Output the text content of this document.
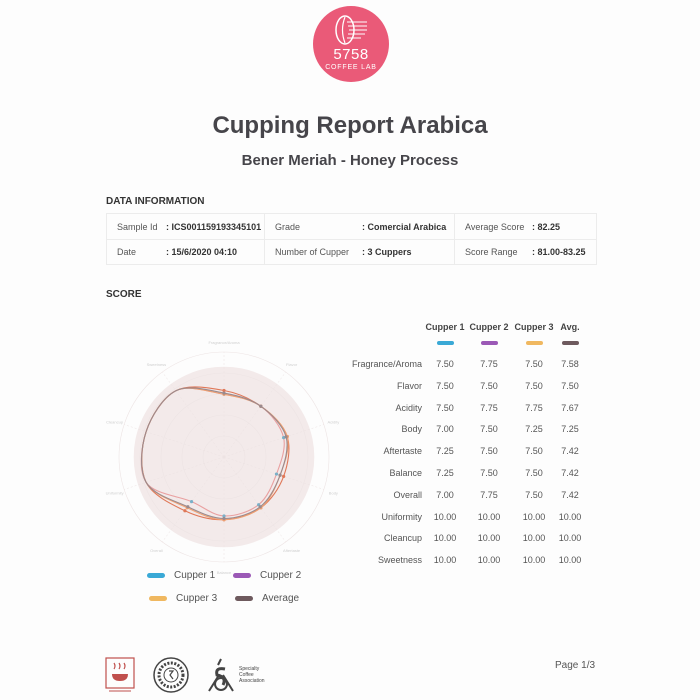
5758
COFFEE LAB
Cupping Report Arabica
Bener Meriah - Honey Process
DATA INFORMATION
Sample Id : ICS001159193345101 Grade	: Comercial Arabica Average Score : 82.25
Date	: 15/6/2020 04:10	Number of Cupper	: 3 Cuppers	Score Range	: 81.00-83.25
SCORE
Fragrance/Aroma
Flavor
Acidity
Body
Aftertaste
Balance
Overall
Uniformity
Cleancup
Sweetness
Cupper 1 Cupper 2 Cupper 3 Avg.
Fragrance/Aroma	7.50	7.75	7.50	7.58
Flavor	7.50	7.50	7.50	7.50
Acidity	7.50	7.75	7.75	7.67
Body	7.00	7.50	7.25	7.25
Aftertaste	7.25	7.50	7.50	7.42
Balance	7.25	7.50	7.50	7.42
Overall	7.00	7.75	7.50	7.42
Uniformity	10.00	10.00	10.00	10.00
Cleancup	10.00	10.00	10.00	10.00
Sweetness	10.00	10.00	10.00	10.00
Cupper 1	Cupper 2
Cupper 3	Average
Specialty Coffee Association
Page 1/3
